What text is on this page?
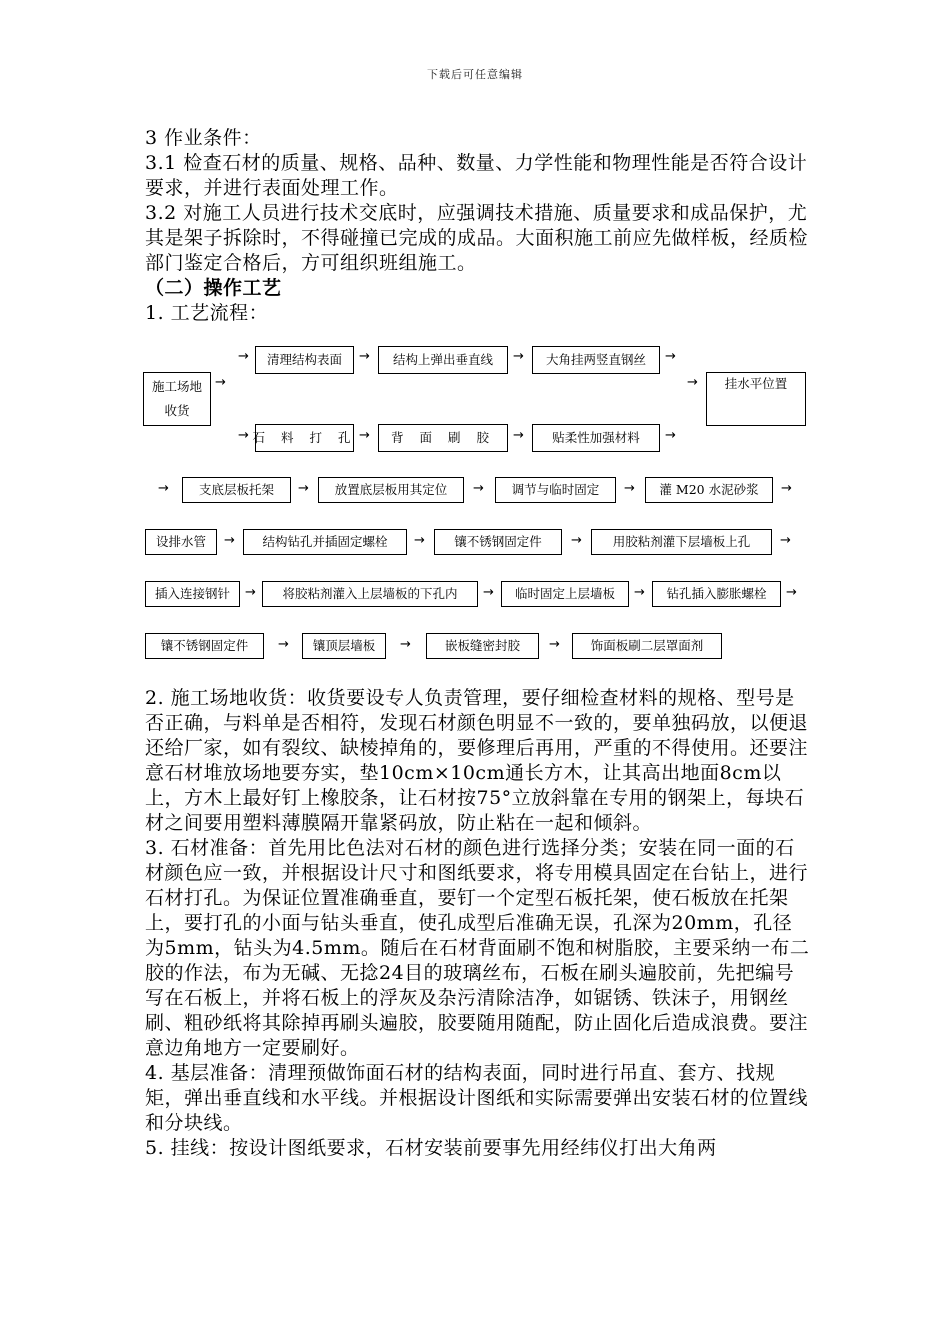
下载后可任意编辑

3 作业条件：

3.1 检查石材的质量、规格、品种、数量、力学性能和物理性能是否符合设计要求，并进行表面处理工作。

3.2 对施工人员进行技术交底时，应强调技术措施、质量要求和成品保护，尤其是架子拆除时，不得碰撞已完成的成品。大面积施工前应先做样板，经质检部门鉴定合格后，方可组织班组施工。

（二）操作工艺

1. 工艺流程：

施工场地
收货
→
→	清理结构表面	→	结构上弹出垂直线	→	大角挂两竖直钢丝	→
→ 石 料 打 孔 →	背 面 刷 胶	→	贴柔性加强材料	→
→	挂水平位置
→	支底层板托架	→	放置底层板用其定位	→	调节与临时固定	→	灌 M20 水泥砂浆	→
设排水管	→	结构钻孔并插固定螺栓	→	镶不锈钢固定件	→	用胶粘剂灌下层墙板上孔	→
插入连接钢针	→	将胶粘剂灌入上层墙板的下孔内	→	临时固定上层墙板	→	钻孔插入膨胀螺栓	→
镶不锈钢固定件	→	镶顶层墙板	→	嵌板缝密封胶	→	饰面板刷二层罩面剂

2. 施工场地收货：收货要设专人负责管理，要仔细检查材料的规格、型号是否正确，与料单是否相符，发现石材颜色明显不一致的，要单独码放，以便退还给厂家，如有裂纹、缺棱掉角的，要修理后再用，严重的不得使用。还要注意石材堆放场地要夯实，垫10cm×10cm通长方木，让其高出地面8cm以上，方木上最好钉上橡胶条，让石材按75°立放斜靠在专用的钢架上，每块石材之间要用塑料薄膜隔开靠紧码放，防止粘在一起和倾斜。

3. 石材准备：首先用比色法对石材的颜色进行选择分类；安装在同一面的石材颜色应一致，并根据设计尺寸和图纸要求，将专用模具固定在台钻上，进行石材打孔。为保证位置准确垂直，要钉一个定型石板托架，使石板放在托架上，要打孔的小面与钻头垂直，使孔成型后准确无误，孔深为20mm，孔径为5mm，钻头为4.5mm。随后在石材背面刷不饱和树脂胶，主要采纳一布二胶的作法，布为无碱、无捻24目的玻璃丝布，石板在刷头遍胶前，先把编号写在石板上，并将石板上的浮灰及杂污清除洁净，如锯锈、铁沫子，用钢丝刷、粗砂纸将其除掉再刷头遍胶，胶要随用随配，防止固化后造成浪费。要注意边角地方一定要刷好。

4. 基层准备：清理预做饰面石材的结构表面，同时进行吊直、套方、找规矩，弹出垂直线和水平线。并根据设计图纸和实际需要弹出安装石材的位置线和分块线。

5. 挂线：按设计图纸要求，石材安装前要事先用经纬仪打出大角两
